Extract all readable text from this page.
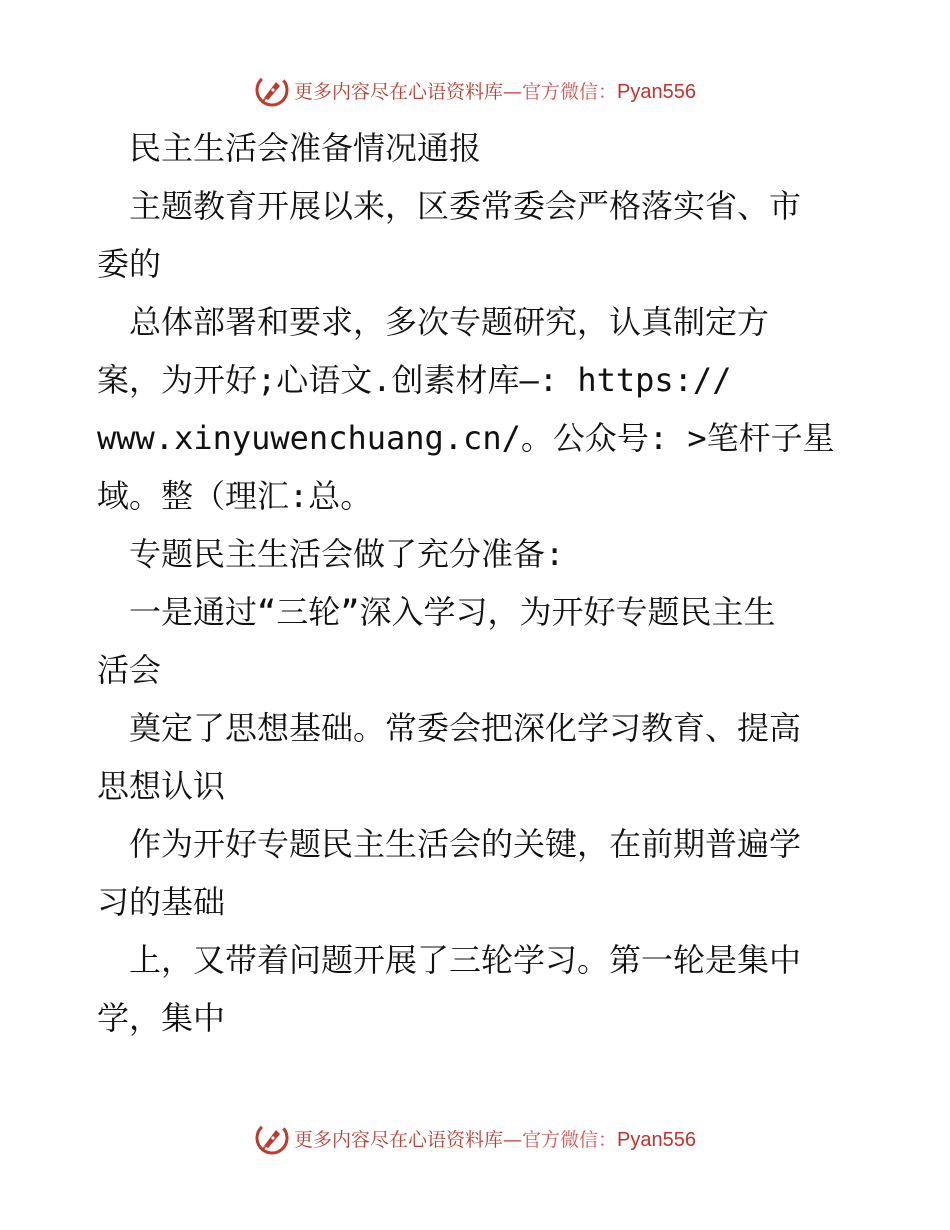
更多内容尽在心语资料库—官方微信：Pyan556
　民主生活会准备情况通报
　主题教育开展以来，区委常委会严格落实省、市
委的
　总体部署和要求，多次专题研究，认真制定方
案，为开好;心语文.创素材库—: https://
www.xinyuwenchuang.cn/。公众号: >笔杆子星
域。整（理汇:总。
　专题民主生活会做了充分准备:
　一是通过“三轮”深入学习，为开好专题民主生
活会
　奠定了思想基础。常委会把深化学习教育、提高
思想认识
　作为开好专题民主生活会的关键，在前期普遍学
习的基础
　上，又带着问题开展了三轮学习。第一轮是集中
学，集中
更多内容尽在心语资料库—官方微信：Pyan556
